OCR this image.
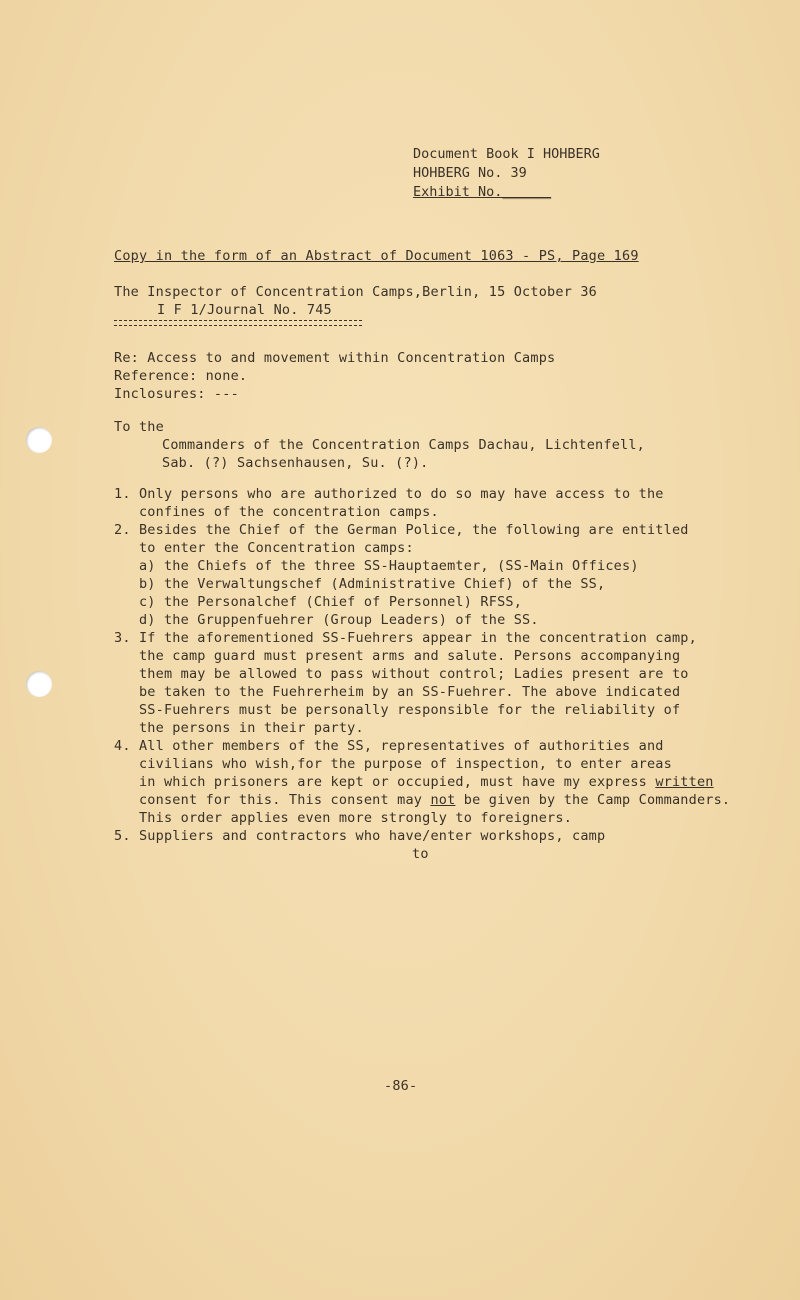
Document Book I HOHBERG
HOHBERG No. 39
Exhibit No.______
Copy in the form of an Abstract of Document 1063 - PS, Page 169
The Inspector of Concentration Camps,Berlin, 15 October 36
I F 1/Journal No. 745
Re: Access to and movement within Concentration Camps
Reference: none.
Inclosures: ---
To the
Commanders of the Concentration Camps Dachau, Lichtenfell,
Sab. (?) Sachsenhausen, Su. (?).
1. Only persons who are authorized to do so may have access to the
confines of the concentration camps.
2. Besides the Chief of the German Police, the following are entitled
to enter the Concentration camps:
a) the Chiefs of the three SS-Hauptaemter, (SS-Main Offices)
b) the Verwaltungschef (Administrative Chief) of the SS,
c) the Personalchef (Chief of Personnel) RFSS,
d) the Gruppenfuehrer (Group Leaders) of the SS.
3. If the aforementioned SS-Fuehrers appear in the concentration camp,
the camp guard must present arms and salute. Persons accompanying
them may be allowed to pass without control; Ladies present are to
be taken to the Fuehrerheim by an SS-Fuehrer. The above indicated
SS-Fuehrers must be personally responsible for the reliability of
the persons in their party.
4. All other members of the SS, representatives of authorities and
civilians who wish,for the purpose of inspection, to enter areas
in which prisoners are kept or occupied, must have my express written
consent for this. This consent may not be given by the Camp Commanders.
This order applies even more strongly to foreigners.
5. Suppliers and contractors who have/enter workshops, camp
to
-86-
